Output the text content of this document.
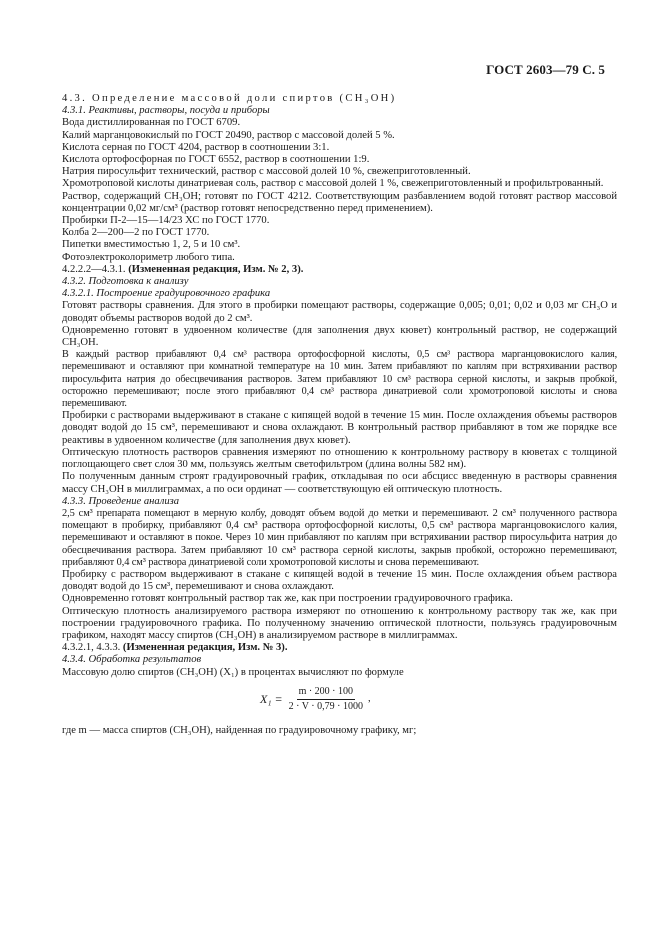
ГОСТ 2603—79 С. 5

4.3. Определение массовой доли спиртов (CH₃OH)

4.3.1. Реактивы, растворы, посуда и приборы

Вода дистиллированная по ГОСТ 6709.

Калий марганцовокислый по ГОСТ 20490, раствор с массовой долей 5 %.

Кислота серная по ГОСТ 4204, раствор в соотношении 3:1.

Кислота ортофосфорная по ГОСТ 6552, раствор в соотношении 1:9.

Натрия пиросульфит технический, раствор с массовой долей 10 %, свежеприготовленный.

Хромотроповой кислоты динатриевая соль, раствор с массовой долей 1 %, свежеприготовленный и профильтрованный.

Раствор, содержащий CH₃OH; готовят по ГОСТ 4212. Соответствующим разбавлением водой готовят раствор массовой концентрации 0,02 мг/см³ (раствор готовят непосредственно перед применением).

Пробирки П-2—15—14/23 ХС по ГОСТ 1770.

Колба 2—200—2 по ГОСТ 1770.

Пипетки вместимостью 1, 2, 5 и 10 см³.

Фотоэлектроколориметр любого типа.

4.2.2.2—4.3.1. (Измененная редакция, Изм. № 2, 3).

4.3.2. Подготовка к анализу

4.3.2.1. Построение градуировочного графика

Готовят растворы сравнения. Для этого в пробирки помещают растворы, содержащие 0,005; 0,01; 0,02 и 0,03 мг CH₃O и доводят объемы растворов водой до 2 см³.

Одновременно готовят в удвоенном количестве (для заполнения двух кювет) контрольный раствор, не содержащий CH₃OH.

В каждый раствор прибавляют 0,4 см³ раствора ортофосфорной кислоты, 0,5 см³ раствора марганцовокислого калия, перемешивают и оставляют при комнатной температуре на 10 мин. Затем прибавляют по каплям при встряхивании раствор пиросульфита натрия до обесцвечивания растворов. Затем прибавляют 10 см³ раствора серной кислоты, и закрыв пробкой, осторожно перемешивают; после этого прибавляют 0,4 см³ раствора динатриевой соли хромотроповой кислоты и снова перемешивают.

Пробирки с растворами выдерживают в стакане с кипящей водой в течение 15 мин. После охлаждения объемы растворов доводят водой до 15 см³, перемешивают и снова охлаждают. В контрольный раствор прибавляют в том же порядке все реактивы в удвоенном количестве (для заполнения двух кювет).

Оптическую плотность растворов сравнения измеряют по отношению к контрольному раствору в кюветах с толщиной поглощающего свет слоя 30 мм, пользуясь желтым светофильтром (длина волны 582 нм).

По полученным данным строят градуировочный график, откладывая по оси абсцисс введенную в растворы сравнения массу CH₃OH в миллиграммах, а по оси ординат — соответствующую ей оптическую плотность.

4.3.3. Проведение анализа

2,5 см³ препарата помещают в мерную колбу, доводят объем водой до метки и перемешивают. 2 см³ полученного раствора помещают в пробирку, прибавляют 0,4 см³ раствора ортофосфорной кислоты, 0,5 см³ раствора марганцовокислого калия, перемешивают и оставляют в покое. Через 10 мин прибавляют по каплям при встряхивании раствор пиросульфита натрия до обесцвечивания раствора. Затем прибавляют 10 см³ раствора серной кислоты, закрыв пробкой, осторожно перемешивают, прибавляют 0,4 см³ раствора динатриевой соли хромотроповой кислоты и снова перемешивают.

Пробирку с раствором выдерживают в стакане с кипящей водой в течение 15 мин. После охлаждения объем раствора доводят водой до 15 см³, перемешивают и снова охлаждают.

Одновременно готовят контрольный раствор так же, как при построении градуировочного графика.

Оптическую плотность анализируемого раствора измеряют по отношению к контрольному раствору так же, как при построении градуировочного графика. По полученному значению оптической плотности, пользуясь градуировочным графиком, находят массу спиртов (CH₃OH) в анализируемом растворе в миллиграммах.

4.3.2.1, 4.3.3. (Измененная редакция, Изм. № 3).

4.3.4. Обработка результатов

Массовую долю спиртов (CH₃OH) (X₁) в процентах вычисляют по формуле

$X_1 = \frac{m \cdot 200 \cdot 100}{2 \cdot V \cdot 0,79 \cdot 1000}$ ,

где m — масса спиртов (CH₃OH), найденная по градуировочному графику, мг;
